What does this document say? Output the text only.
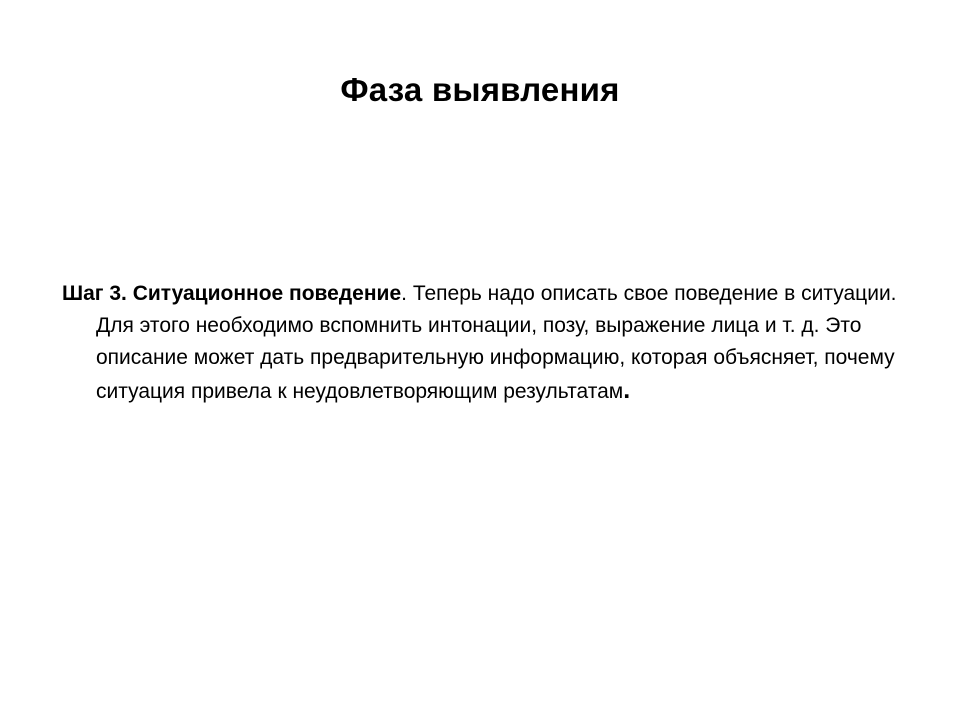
Фаза выявления

Шаг 3. Ситуационное поведение. Теперь надо описать свое поведение в ситуации. Для этого необходимо вспомнить интонации, позу, выражение лица и т. д. Это описание может дать предварительную информацию, которая объясняет, почему ситуация привела к неудовлетворяющим результатам.
